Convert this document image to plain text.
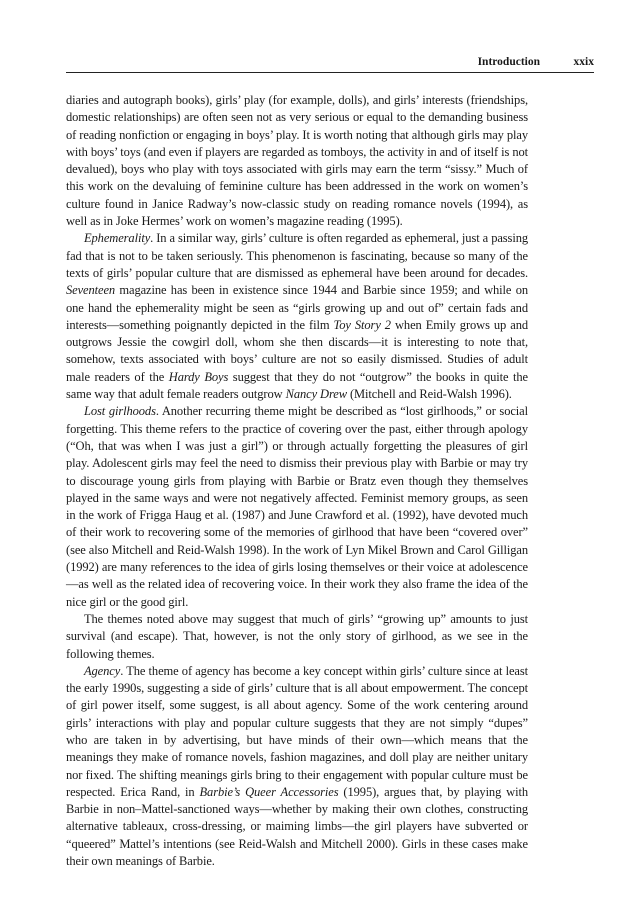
Introduction	xxix

diaries and autograph books), girls’ play (for example, dolls), and girls’ interests (friendships, domestic relationships) are often seen not as very serious or equal to the demanding business of reading nonfiction or engaging in boys’ play. It is worth noting that although girls may play with boys’ toys (and even if players are regarded as tomboys, the activity in and of itself is not devalued), boys who play with toys associated with girls may earn the term “sissy.” Much of this work on the devaluing of feminine culture has been addressed in the work on women’s culture found in Janice Radway’s now-classic study on reading romance novels (1994), as well as in Joke Hermes’ work on women’s magazine reading (1995).

Ephemerality. In a similar way, girls’ culture is often regarded as ephemeral, just a passing fad that is not to be taken seriously. This phenomenon is fascinating, because so many of the texts of girls’ popular culture that are dismissed as ephemeral have been around for decades. Seventeen magazine has been in existence since 1944 and Barbie since 1959; and while on one hand the ephemerality might be seen as “girls growing up and out of” certain fads and interests—something poignantly depicted in the film Toy Story 2 when Emily grows up and outgrows Jessie the cowgirl doll, whom she then discards—it is interesting to note that, somehow, texts associated with boys’ culture are not so easily dismissed. Studies of adult male readers of the Hardy Boys suggest that they do not “outgrow” the books in quite the same way that adult female readers outgrow Nancy Drew (Mitchell and Reid-Walsh 1996).

Lost girlhoods. Another recurring theme might be described as “lost girlhoods,” or social forgetting. This theme refers to the practice of covering over the past, either through apology (“Oh, that was when I was just a girl”) or through actually forgetting the pleasures of girl play. Adolescent girls may feel the need to dismiss their previous play with Barbie or may try to discourage young girls from playing with Barbie or Bratz even though they themselves played in the same ways and were not negatively affected. Feminist memory groups, as seen in the work of Frigga Haug et al. (1987) and June Crawford et al. (1992), have devoted much of their work to recovering some of the memories of girlhood that have been “covered over” (see also Mitchell and Reid-Walsh 1998). In the work of Lyn Mikel Brown and Carol Gilligan (1992) are many references to the idea of girls losing themselves or their voice at adolescence—as well as the related idea of recovering voice. In their work they also frame the idea of the nice girl or the good girl.

The themes noted above may suggest that much of girls’ “growing up” amounts to just survival (and escape). That, however, is not the only story of girlhood, as we see in the following themes.

Agency. The theme of agency has become a key concept within girls’ culture since at least the early 1990s, suggesting a side of girls’ culture that is all about empowerment. The concept of girl power itself, some suggest, is all about agency. Some of the work centering around girls’ interactions with play and popular culture suggests that they are not simply “dupes” who are taken in by advertising, but have minds of their own—which means that the meanings they make of romance novels, fashion magazines, and doll play are neither unitary nor fixed. The shifting meanings girls bring to their engagement with popular culture must be respected. Erica Rand, in Barbie’s Queer Accessories (1995), argues that, by playing with Barbie in non–Mattel-sanctioned ways—whether by making their own clothes, constructing alternative tableaux, cross-dressing, or maiming limbs—the girl players have subverted or “queered” Mattel’s intentions (see Reid-Walsh and Mitchell 2000). Girls in these cases make their own meanings of Barbie.
